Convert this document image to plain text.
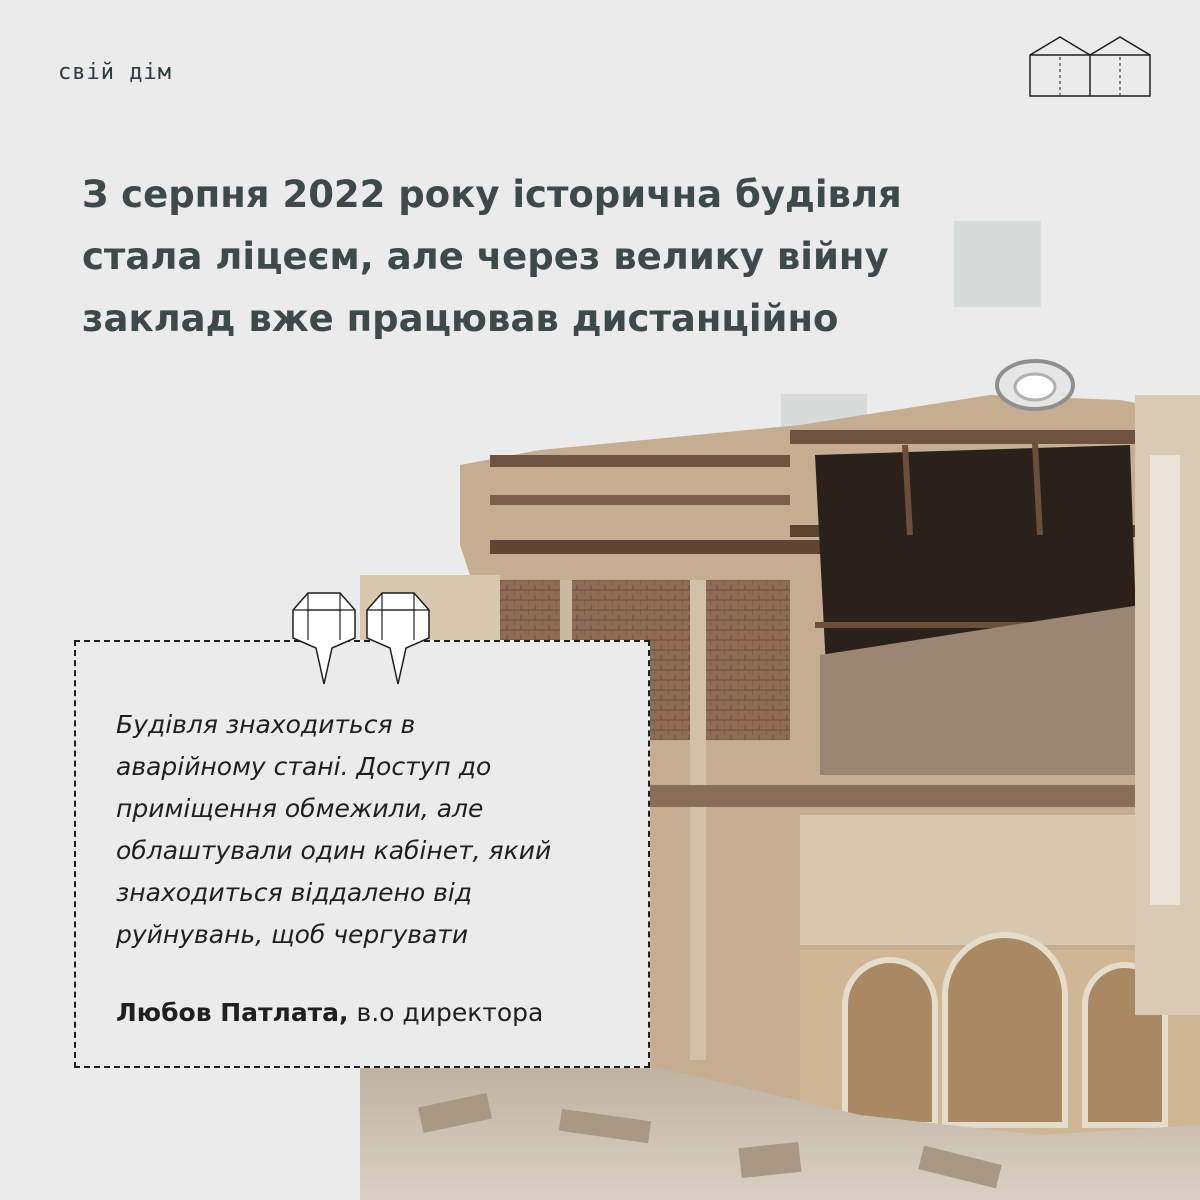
свій дім
З серпня 2022 року історична будівля
стала ліцеєм, але через велику війну
заклад вже працював дистанційно
Будівля знаходиться в
аварійному стані. Доступ до
приміщення обмежили, але
облаштували один кабінет, який
знаходиться віддалено від
руйнувань, щоб чергувати
Любов Патлата, в.о директора
